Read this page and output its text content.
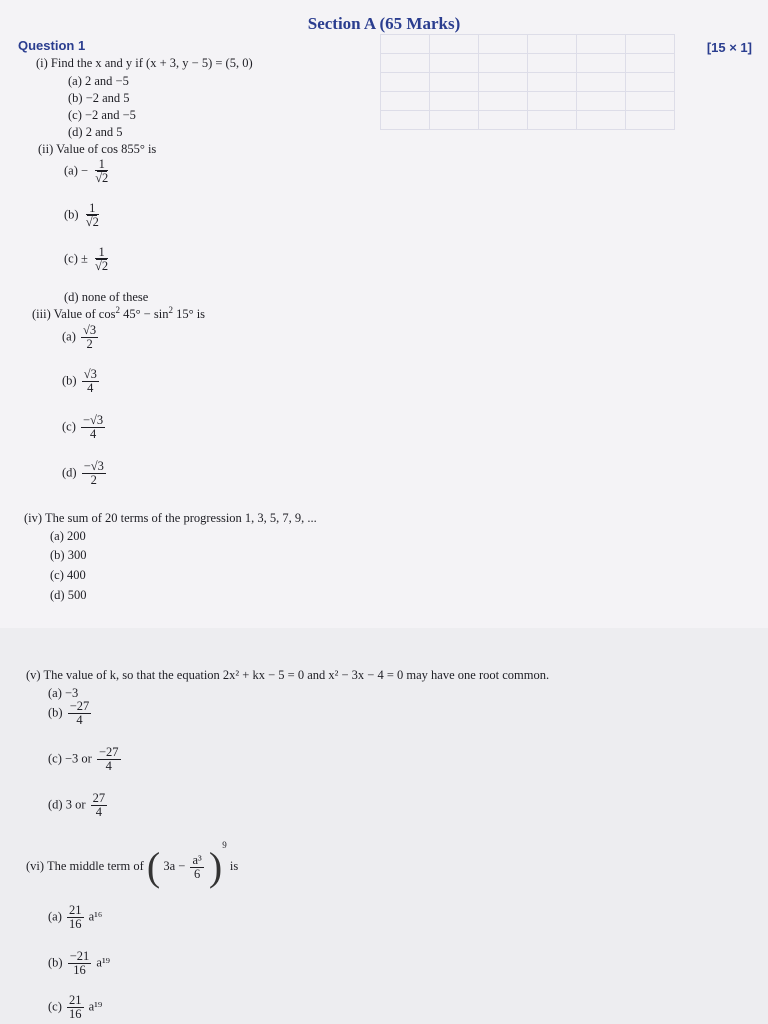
Section A (65 Marks)
Question 1	[15 × 1]
(i) Find the x and y if (x + 3, y − 5) = (5, 0)
(a) 2 and −5
(b) −2 and 5
(c) −2 and −5
(d) 2 and 5
(ii) Value of cos 855° is
$(a) - \frac{1}{√2}$
$(b) \frac{1}{√2}$
$(c) \pm \frac{1}{√2}$
(d) none of these
(iii) Value of $\cos^2 45^\circ - \sin^2 15^\circ$ is
$(a) \frac{√3}{2}$
$(b) \frac{√3}{4}$
$(c) \frac{-√3}{4}$
$(d) \frac{-√3}{2}$
(iv) The sum of 20 terms of the progression 1, 3, 5, 7, 9, ...
(a) 200
(b) 300
(c) 400
(d) 500
(v) The value of k, so that the equation 2x² + kx − 5 = 0 and x² − 3x − 4 = 0 may have one root common.
(a) −3
$(b) \frac{-27}{4}$
(c) −3 or $\frac{-27}{4}$
(d) 3 or $\frac{27}{4}$
(vi) The middle term of ( $3a - \frac{\text{a³}}{6} )^9$ is
$(a) \frac{21}{16} a^{16}$
$(b) \frac{-21}{16} a^{19}$
$(c) \frac{21}{16} a^{19}$
